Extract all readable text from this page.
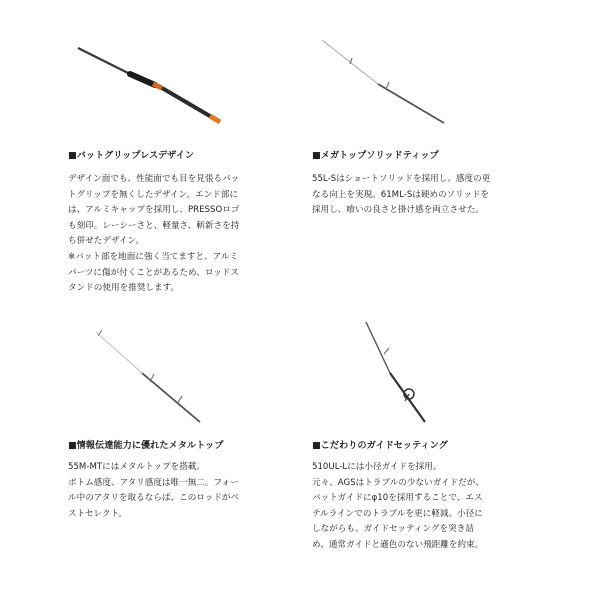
■バットグリップレスデザイン	■メガトップソリッドティップ
■情報伝達能力に優れたメタルトップ	■こだわりのガイドセッティング
デザイン面でも、性能面でも目を見張るバッ
トグリップを無くしたデザイン。エンド部に
は、アルミキャップを採用し、PRESSOロゴ
も刻印。レーシーさと、軽量さ、斬新さを持
ち併せたデザイン。
※バット部を地面に強く当てますと、アルミ
パーツに傷が付くことがあるため、ロッドス
タンドの使用を推奨します。
55L-Sはショートソリッドを採用し、感度の更
なる向上を実現。61ML-Sは硬めのソリッドを
採用し、喰いの良さと掛け感を両立させた。
55M-MTにはメタルトップを搭載。
ボトム感度、アタリ感度は唯一無二。フォー
ル中のアタリを取るならば、このロッドがベ
ストセレクト。
510UL-Lには小径ガイドを採用。
元々、AGSはトラブルの少ないガイドだが、
バットガイドにφ10を採用することで、エス
テルラインでのトラブルを更に軽減。小径に
しながらも、ガイドセッティングを突き詰
め、通常ガイドと遜色のない飛距離を約束。
